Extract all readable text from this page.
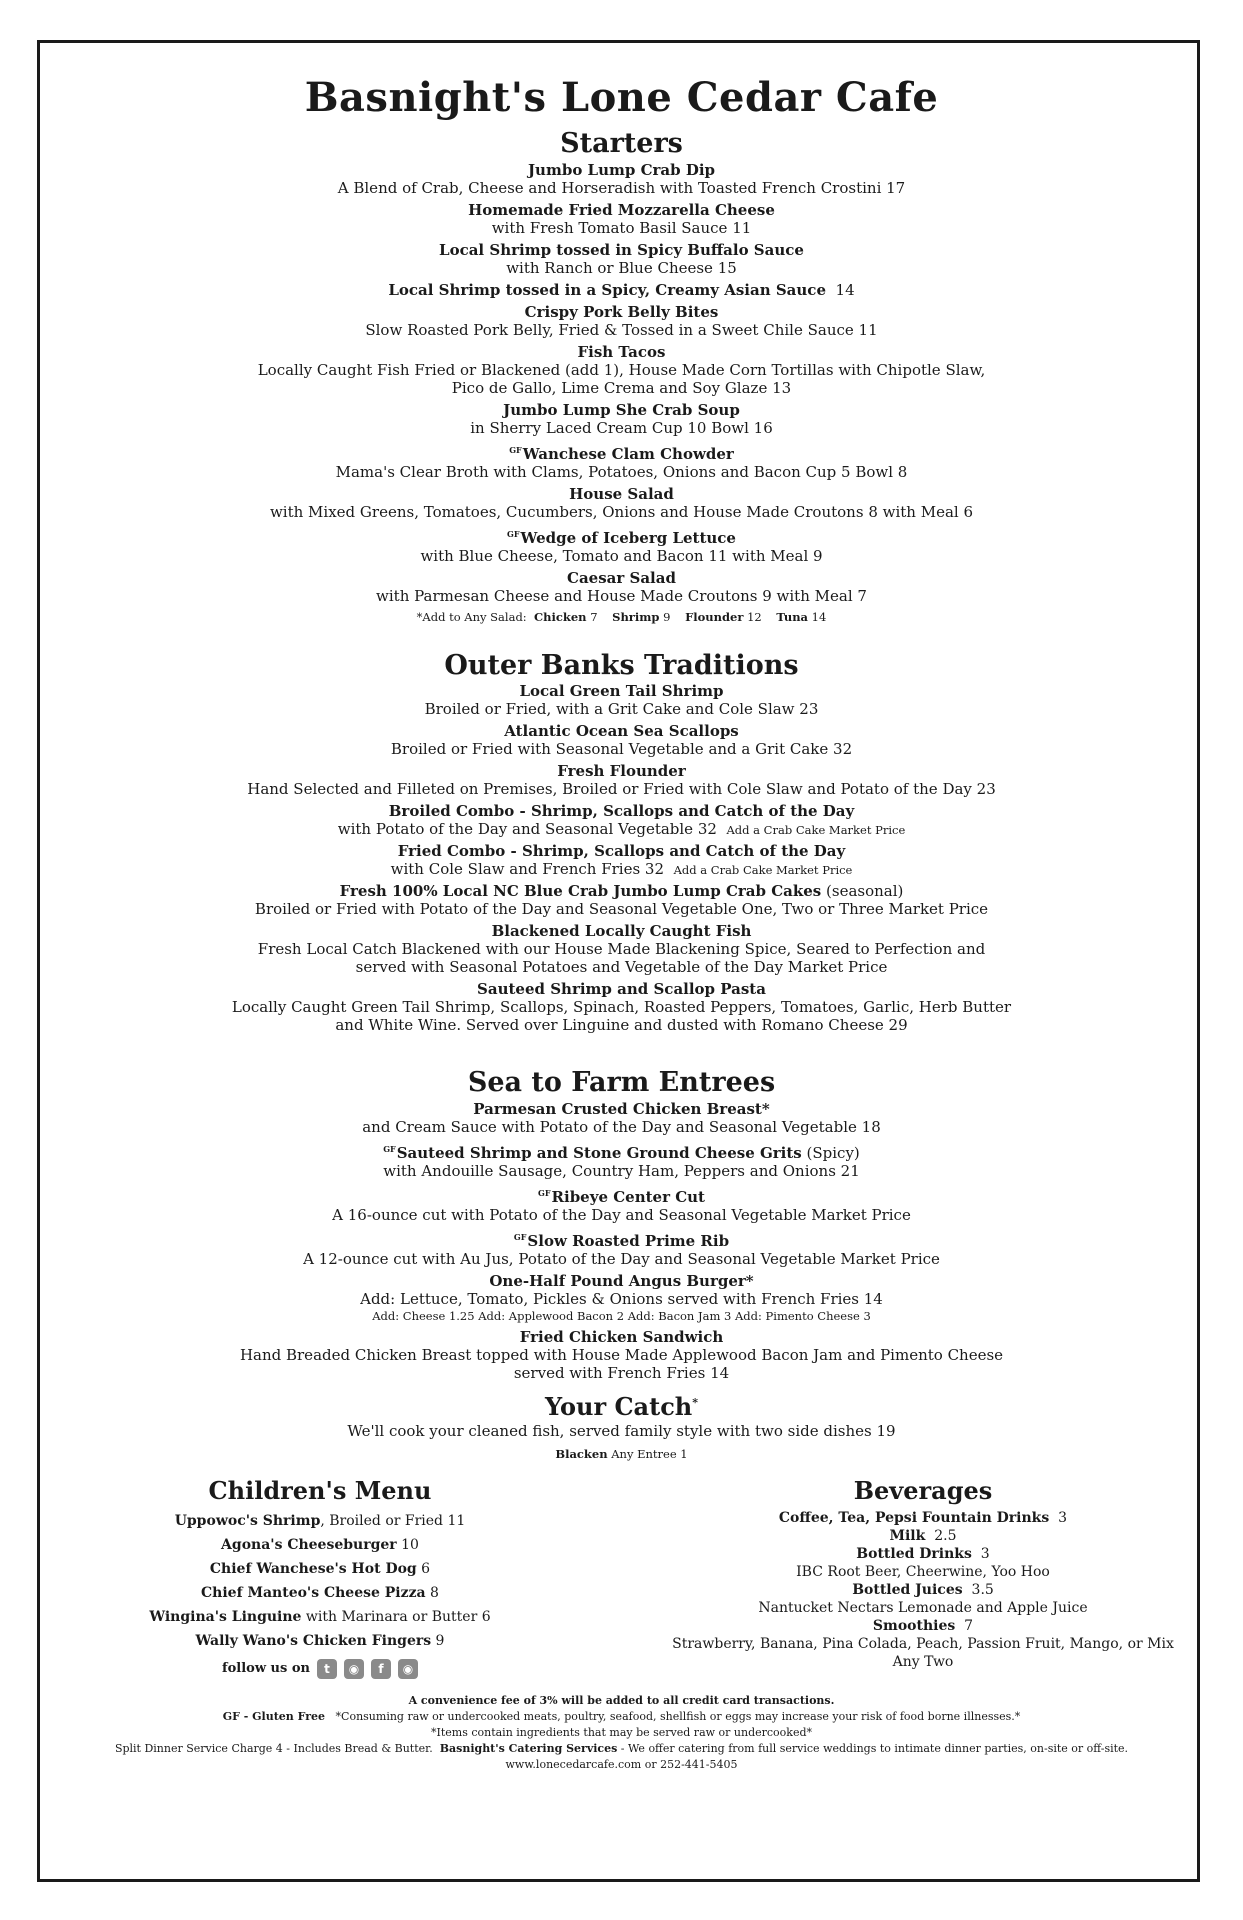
Basnight's Lone Cedar Cafe
Starters
Jumbo Lump Crab Dip
A Blend of Crab, Cheese and Horseradish with Toasted French Crostini 17
Homemade Fried Mozzarella Cheese
with Fresh Tomato Basil Sauce 11
Local Shrimp tossed in Spicy Buffalo Sauce
with Ranch or Blue Cheese 15
Local Shrimp tossed in a Spicy, Creamy Asian Sauce 14
Crispy Pork Belly Bites
Slow Roasted Pork Belly, Fried & Tossed in a Sweet Chile Sauce 11
Fish Tacos
Locally Caught Fish Fried or Blackened (add 1), House Made Corn Tortillas with Chipotle Slaw,
Pico de Gallo, Lime Crema and Soy Glaze 13
Jumbo Lump She Crab Soup
in Sherry Laced Cream Cup 10 Bowl 16
$^{GF}$Wanchese Clam Chowder
Mama's Clear Broth with Clams, Potatoes, Onions and Bacon Cup 5 Bowl 8
House Salad
with Mixed Greens, Tomatoes, Cucumbers, Onions and House Made Croutons 8 with Meal 6
$^{GF}$Wedge of Iceberg Lettuce
with Blue Cheese, Tomato and Bacon 11 with Meal 9
Caesar Salad
with Parmesan Cheese and House Made Croutons 9 with Meal 7
*Add to Any Salad: Chicken 7 Shrimp 9 Flounder 12 Tuna 14
Outer Banks Traditions
Local Green Tail Shrimp
Broiled or Fried, with a Grit Cake and Cole Slaw 23
Atlantic Ocean Sea Scallops
Broiled or Fried with Seasonal Vegetable and a Grit Cake 32
Fresh Flounder
Hand Selected and Filleted on Premises, Broiled or Fried with Cole Slaw and Potato of the Day 23
Broiled Combo - Shrimp, Scallops and Catch of the Day
with Potato of the Day and Seasonal Vegetable 32 Add a Crab Cake Market Price
Fried Combo - Shrimp, Scallops and Catch of the Day
with Cole Slaw and French Fries 32 Add a Crab Cake Market Price
Fresh 100% Local NC Blue Crab Jumbo Lump Crab Cakes (seasonal)
Broiled or Fried with Potato of the Day and Seasonal Vegetable One, Two or Three Market Price
Blackened Locally Caught Fish
Fresh Local Catch Blackened with our House Made Blackening Spice, Seared to Perfection and
served with Seasonal Potatoes and Vegetable of the Day Market Price
Sauteed Shrimp and Scallop Pasta
Locally Caught Green Tail Shrimp, Scallops, Spinach, Roasted Peppers, Tomatoes, Garlic, Herb Butter
and White Wine. Served over Linguine and dusted with Romano Cheese 29
Sea to Farm Entrees
Parmesan Crusted Chicken Breast*
and Cream Sauce with Potato of the Day and Seasonal Vegetable 18
$^{GF}$Sauteed Shrimp and Stone Ground Cheese Grits (Spicy)
with Andouille Sausage, Country Ham, Peppers and Onions 21
$^{GF}$Ribeye Center Cut
A 16-ounce cut with Potato of the Day and Seasonal Vegetable Market Price
$^{GF}$Slow Roasted Prime Rib
A 12-ounce cut with Au Jus, Potato of the Day and Seasonal Vegetable Market Price
One-Half Pound Angus Burger*
Add: Lettuce, Tomato, Pickles & Onions served with French Fries 14
Add: Cheese 1.25 Add: Applewood Bacon 2 Add: Bacon Jam 3 Add: Pimento Cheese 3
Fried Chicken Sandwich
Hand Breaded Chicken Breast topped with House Made Applewood Bacon Jam and Pimento Cheese
served with French Fries 14
Your Catch*
We'll cook your cleaned fish, served family style with two side dishes 19
Blacken Any Entree 1
Children's Menu
Uppowoc's Shrimp, Broiled or Fried 11
Agona's Cheeseburger 10
Chief Wanchese's Hot Dog 6
Chief Manteo's Cheese Pizza 8
Wingina's Linguine with Marinara or Butter 6
Wally Wano's Chicken Fingers 9
follow us on	t	◉	f	◉
Beverages
Coffee, Tea, Pepsi Fountain Drinks 3
Milk 2.5
Bottled Drinks 3
IBC Root Beer, Cheerwine, Yoo Hoo
Bottled Juices 3.5
Nantucket Nectars Lemonade and Apple Juice
Smoothies 7
Strawberry, Banana, Pina Colada, Peach, Passion Fruit, Mango, or Mix Any Two
A convenience fee of 3% will be added to all credit card transactions.
GF - Gluten Free *Consuming raw or undercooked meats, poultry, seafood, shellfish or eggs may increase your risk of food borne illnesses.*
*Items contain ingredients that may be served raw or undercooked*
Split Dinner Service Charge 4 - Includes Bread & Butter. Basnight's Catering Services - We offer catering from full service weddings to intimate dinner parties, on-site or off-site.
www.lonecedarcafe.com or 252-441-5405
